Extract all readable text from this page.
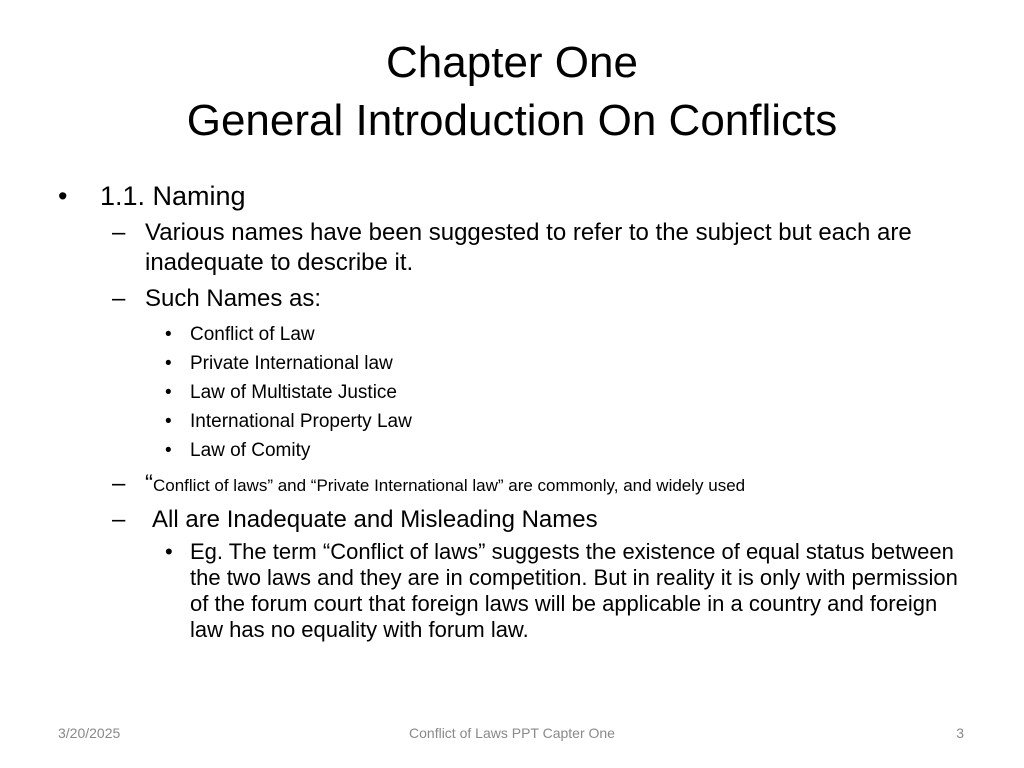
Chapter One
General Introduction On Conflicts
• 1.1. Naming
– Various names have been suggested to refer to the subject but each are inadequate to describe it.
– Such Names as:
• Conflict of Law
• Private International law
• Law of Multistate Justice
• International Property Law
• Law of Comity
– “Conflict of laws” and “Private International law” are commonly, and widely used
– All are Inadequate and Misleading Names
• Eg. The term “Conflict of laws” suggests the existence of equal status between the two laws and they are in competition. But in reality it is only with permission of the forum court that foreign laws will be applicable in a country and foreign law has no equality with forum law.
3/20/2025	Conflict of Laws PPT Capter One	3
